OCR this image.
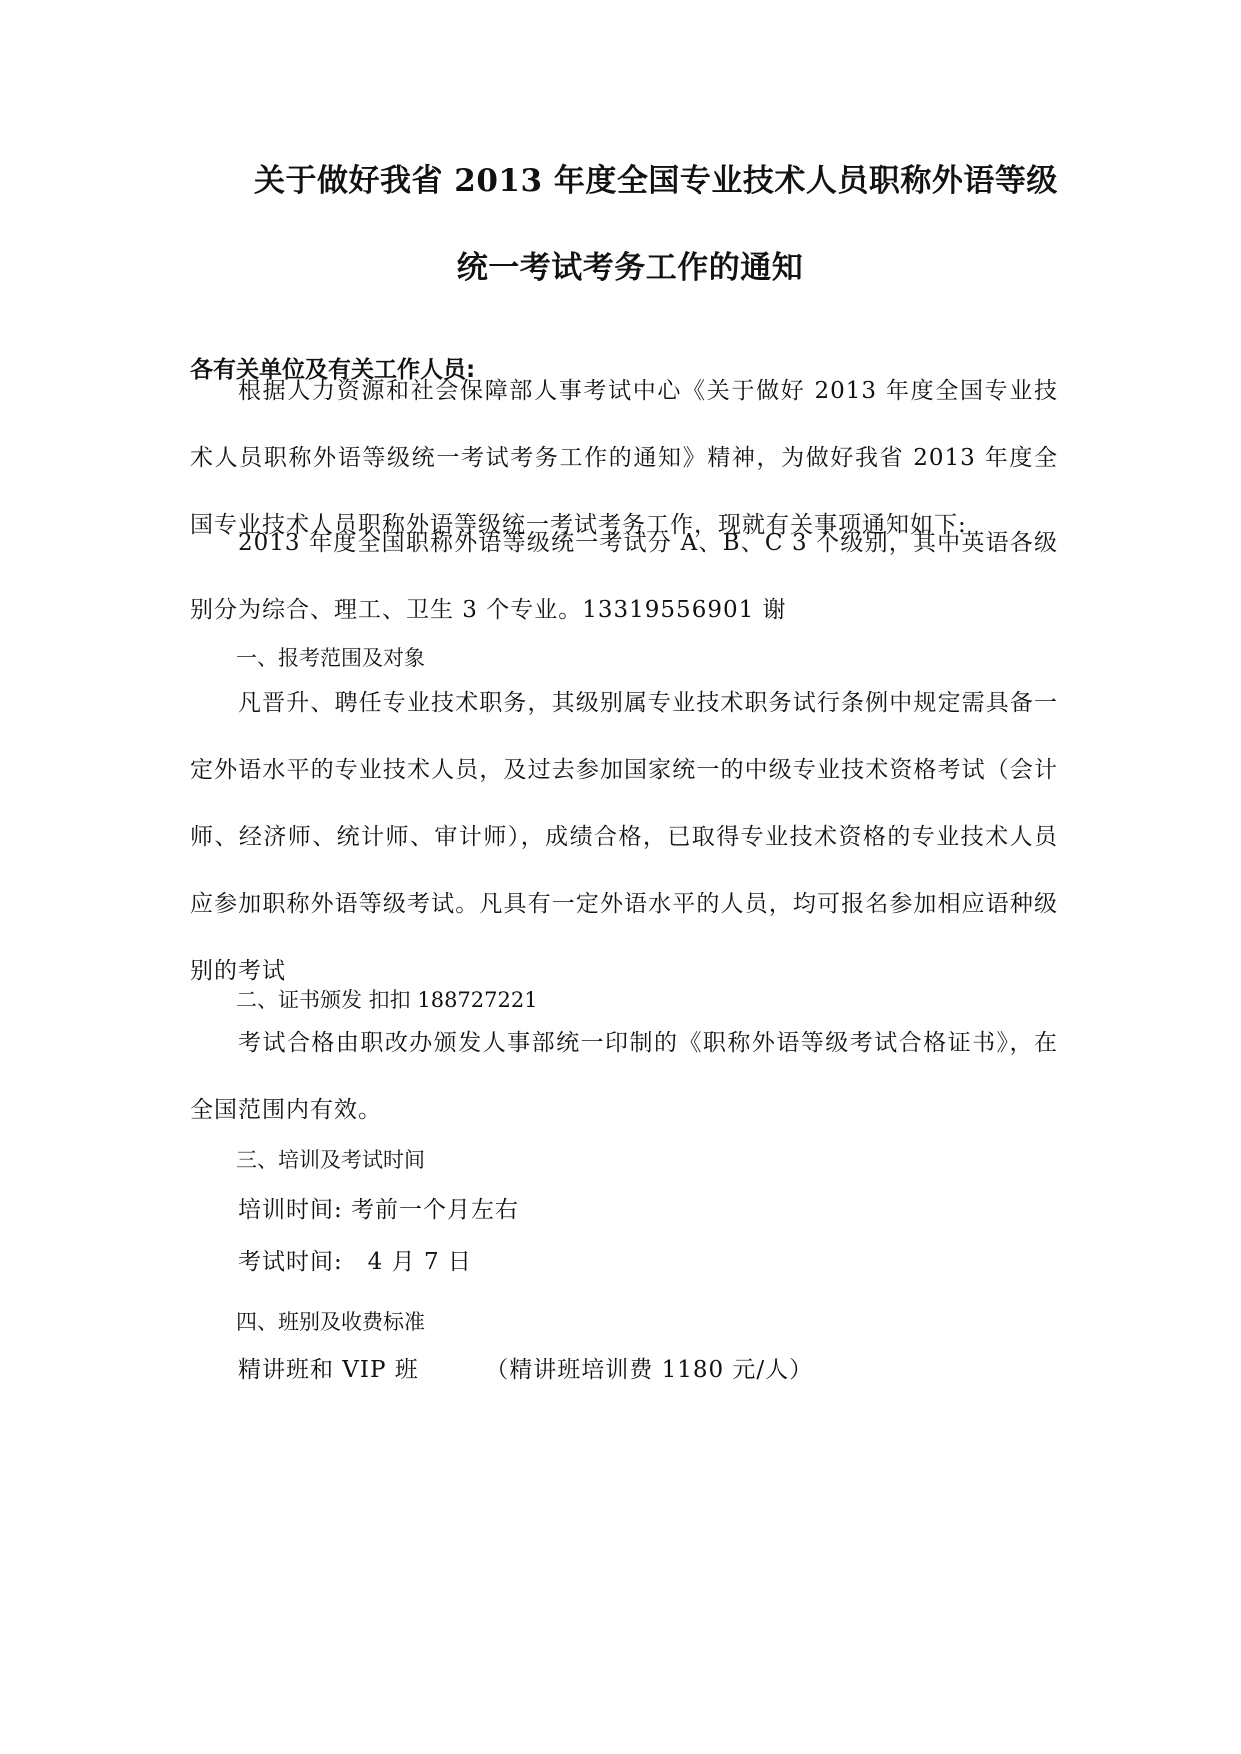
关于做好我省 2013 年度全国专业技术人员职称外语等级
统一考试考务工作的通知
各有关单位及有关工作人员:
根据人力资源和社会保障部人事考试中心《关于做好 2013 年度全国专业技术人员职称外语等级统一考试考务工作的通知》精神，为做好我省 2013 年度全国专业技术人员职称外语等级统一考试考务工作，现就有关事项通知如下:
2013 年度全国职称外语等级统一考试分 A、B、C 3 个级别，其中英语各级别分为综合、理工、卫生 3 个专业。13319556901 谢
一、报考范围及对象
凡晋升、聘任专业技术职务，其级别属专业技术职务试行条例中规定需具备一定外语水平的专业技术人员，及过去参加国家统一的中级专业技术资格考试（会计师、经济师、统计师、审计师），成绩合格，已取得专业技术资格的专业技术人员应参加职称外语等级考试。凡具有一定外语水平的人员，均可报名参加相应语种级别的考试
二、证书颁发 扣扣 188727221
考试合格由职改办颁发人事部统一印制的《职称外语等级考试合格证书》，在全国范围内有效。
三、培训及考试时间
培训时间: 考前一个月左右
考试时间:   4 月 7 日
四、班别及收费标准
精讲班和 VIP 班        （精讲班培训费 1180 元/人）
